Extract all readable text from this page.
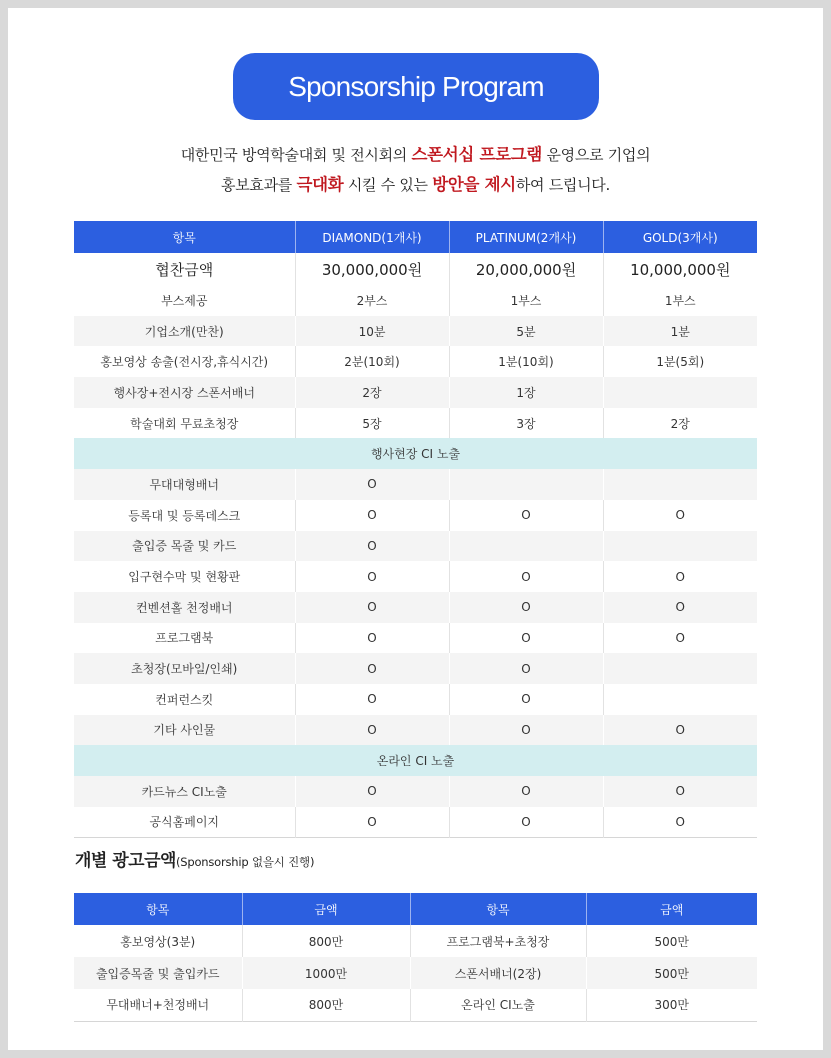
Sponsorship Program
대한민국 방역학술대회 및 전시회의 스폰서십 프로그램 운영으로 기업의
홍보효과를 극대화 시킬 수 있는 방안을 제시하여 드립니다.
항목	DIAMOND(1개사)	PLATINUM(2개사)	GOLD(3개사)
협찬금액	30,000,000원	20,000,000원	10,000,000원
부스제공	2부스	1부스	1부스
기업소개(만찬)	10분	5분	1분
홍보영상 송출(전시장,휴식시간)	2분(10회)	1분(10회)	1분(5회)
행사장+전시장 스폰서배너	2장	1장	
학술대회 무료초청장	5장	3장	2장
행사현장 CI 노출			
무대대형배너	O		
등록대 및 등록데스크	O	O	O
출입증 목줄 및 카드	O		
입구현수막 및 현황판	O	O	O
컨벤션홀 천정배너	O	O	O
프로그램북	O	O	O
초청장(모바일/인쇄)	O	O	
컨퍼런스킷	O	O	
기타 사인물	O	O	O
온라인 CI 노출			
카드뉴스 CI노출	O	O	O
공식홈페이지	O	O	O
개별 광고금액(Sponsorship 없을시 진행)
항목	금액	항목	금액
홍보영상(3분)	800만	프로그램북+초청장	500만
출입증목줄 및 출입카드	1000만	스폰서배너(2장)	500만
무대배너+천정배너	800만	온라인 CI노출	300만
